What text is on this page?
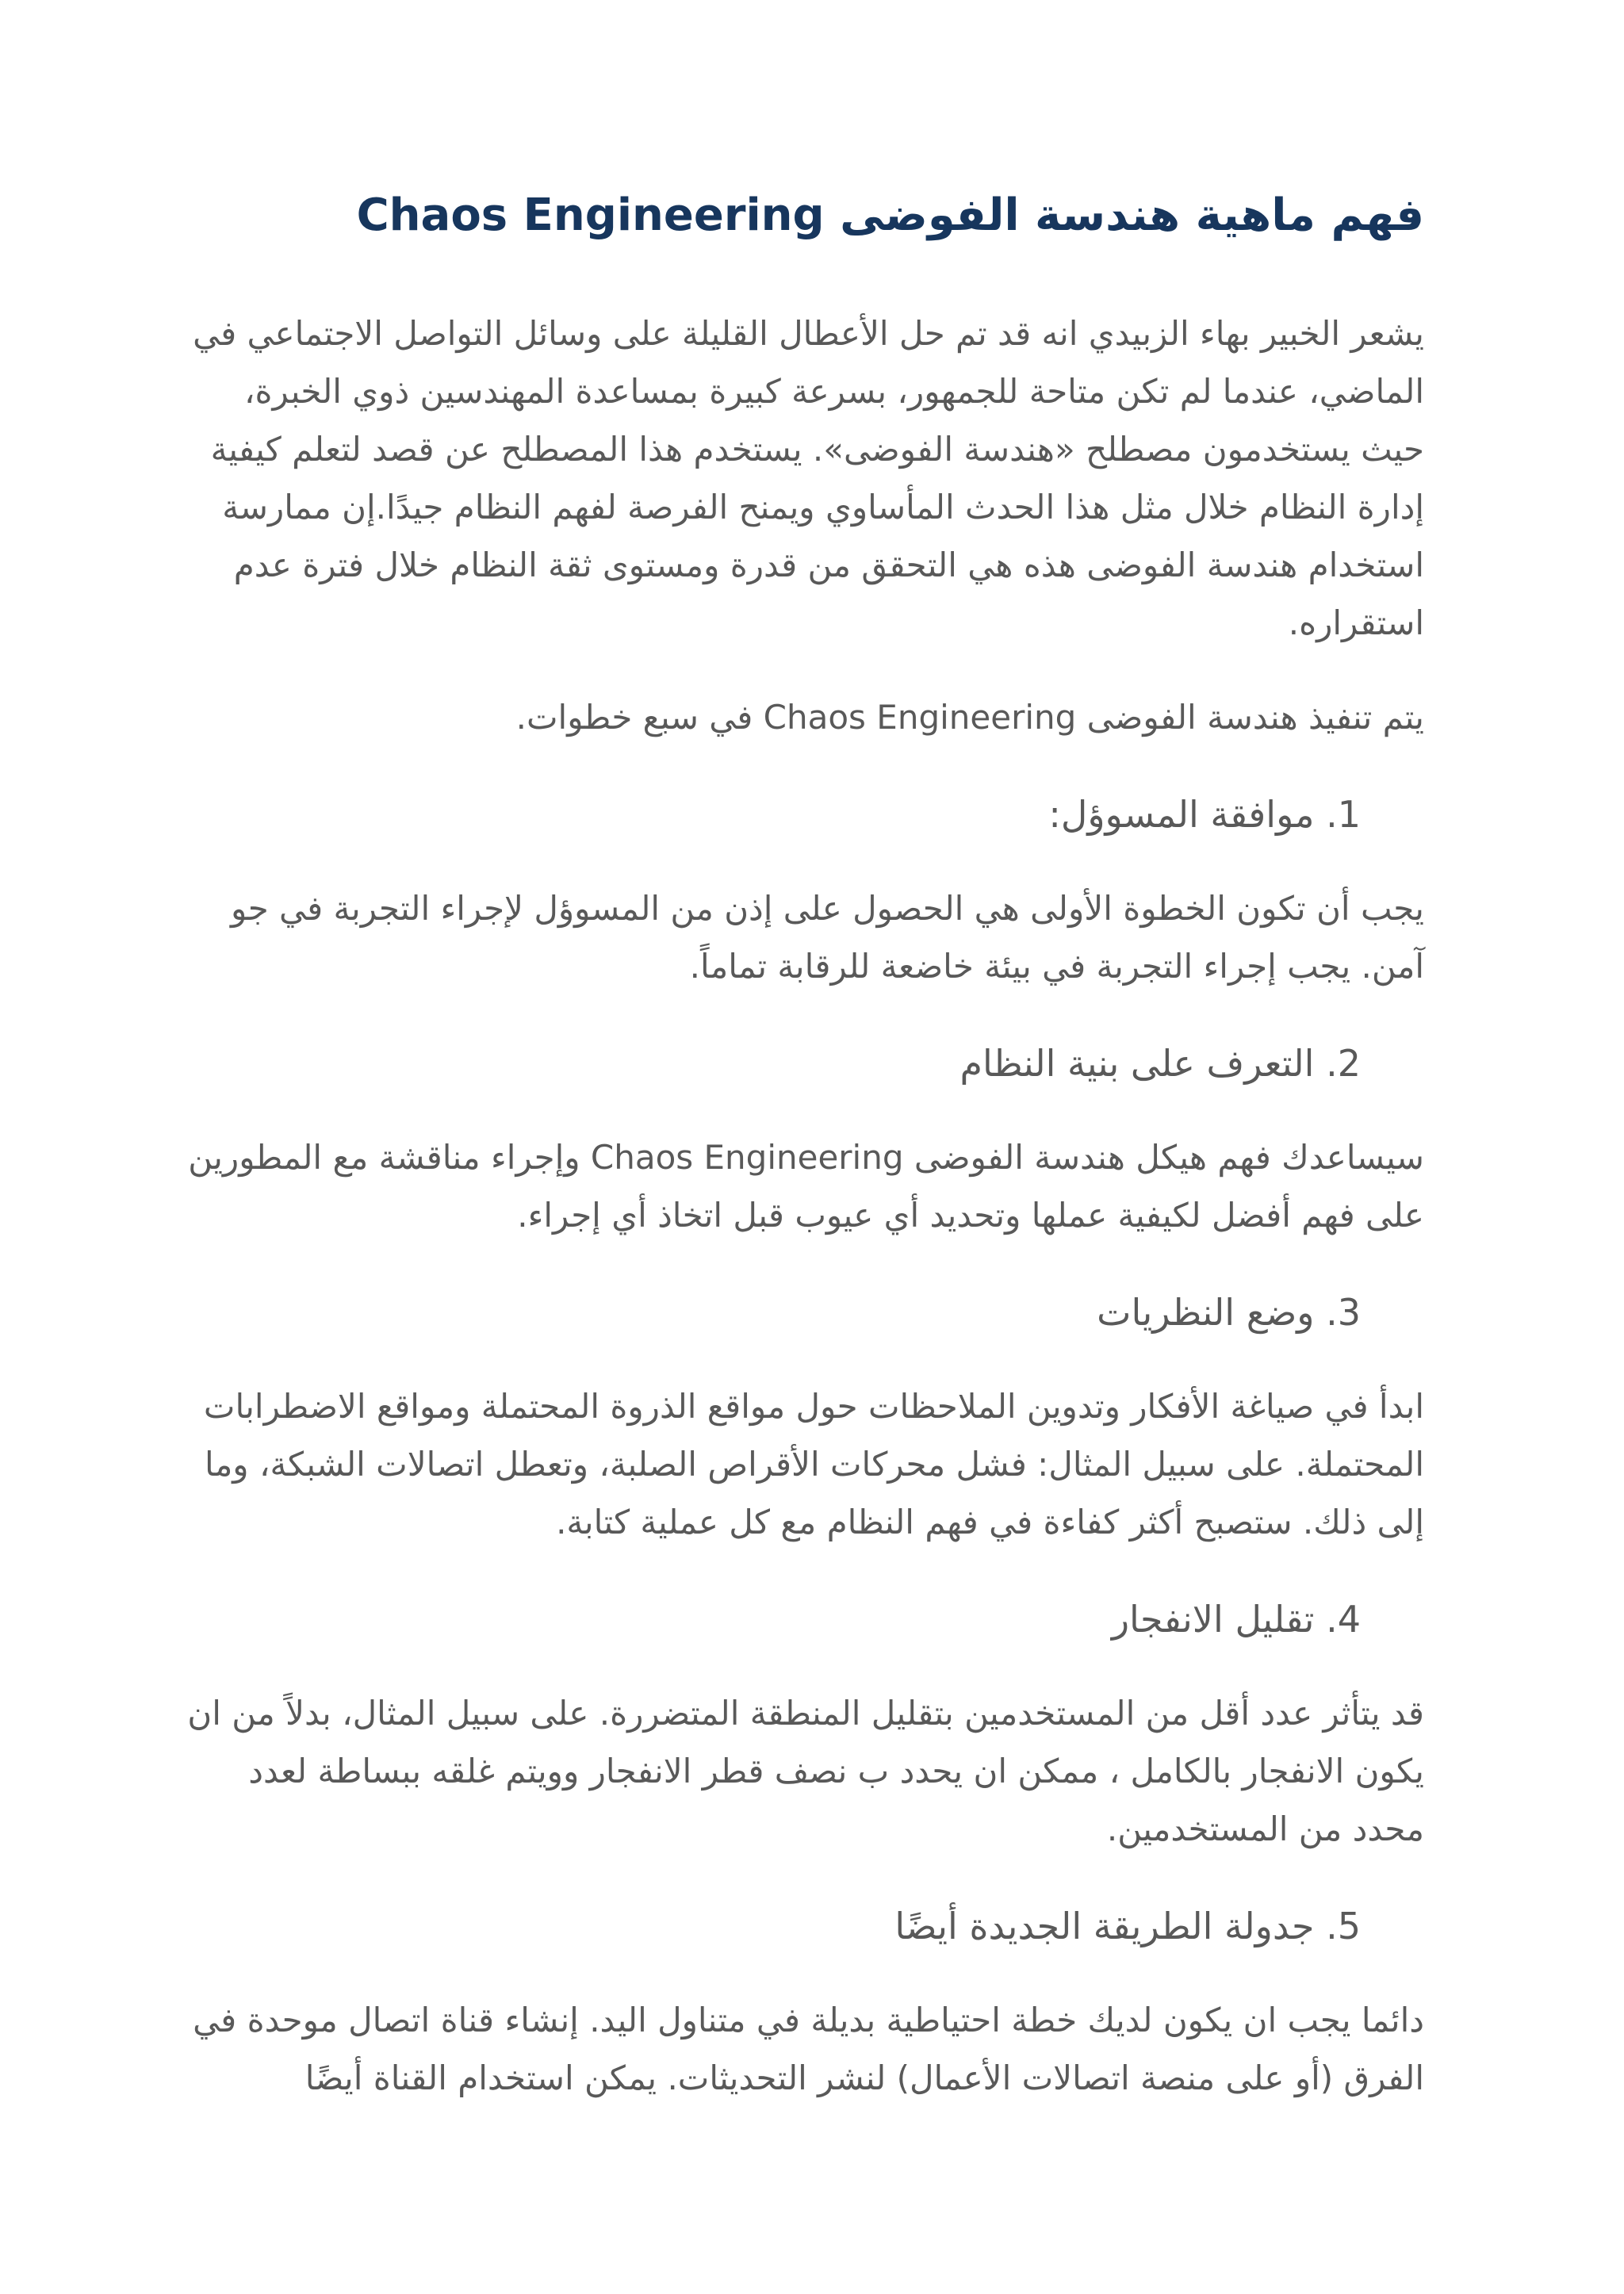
فهم ماهية هندسة الفوضى Chaos Engineering

يشعر الخبير بهاء الزبيدي انه قد تم حل الأعطال القليلة على وسائل التواصل الاجتماعي في الماضي، عندما لم تكن متاحة للجمهور، بسرعة كبيرة بمساعدة المهندسين ذوي الخبرة، حيث يستخدمون مصطلح «هندسة الفوضى». يستخدم هذا المصطلح عن قصد لتعلم كيفية إدارة النظام خلال مثل هذا الحدث المأساوي ويمنح الفرصة لفهم النظام جيدًا.إن ممارسة استخدام هندسة الفوضى هذه هي التحقق من قدرة ومستوى ثقة النظام خلال فترة عدم استقراره.

يتم تنفيذ هندسة الفوضى Chaos Engineering في سبع خطوات.

1. موافقة المسوؤل:

يجب أن تكون الخطوة الأولى هي الحصول على إذن من المسوؤل لإجراء التجربة في جو آمن. يجب إجراء التجربة في بيئة خاضعة للرقابة تماماً.

2. التعرف على بنية النظام

سيساعدك فهم هيكل هندسة الفوضى Chaos Engineering وإجراء مناقشة مع المطورين على فهم أفضل لكيفية عملها وتحديد أي عيوب قبل اتخاذ أي إجراء.

3. وضع النظريات

ابدأ في صياغة الأفكار وتدوين الملاحظات حول مواقع الذروة المحتملة ومواقع الاضطرابات المحتملة. على سبيل المثال: فشل محركات الأقراص الصلبة، وتعطل اتصالات الشبكة، وما إلى ذلك. ستصبح أكثر كفاءة في فهم النظام مع كل عملية كتابة.

4. تقليل الانفجار

قد يتأثر عدد أقل من المستخدمين بتقليل المنطقة المتضررة. على سبيل المثال، بدلاً من ان يكون الانفجار بالكامل ، ممكن ان يحدد ب نصف قطر الانفجار وويتم غلقه ببساطة لعدد محدد من المستخدمين.

5. جدولة الطريقة الجديدة أيضًا

دائما يجب ان يكون لديك خطة احتياطية بديلة في متناول اليد. إنشاء قناة اتصال موحدة في الفرق (أو على منصة اتصالات الأعمال) لنشر التحديثات. يمكن استخدام القناة أيضًا
